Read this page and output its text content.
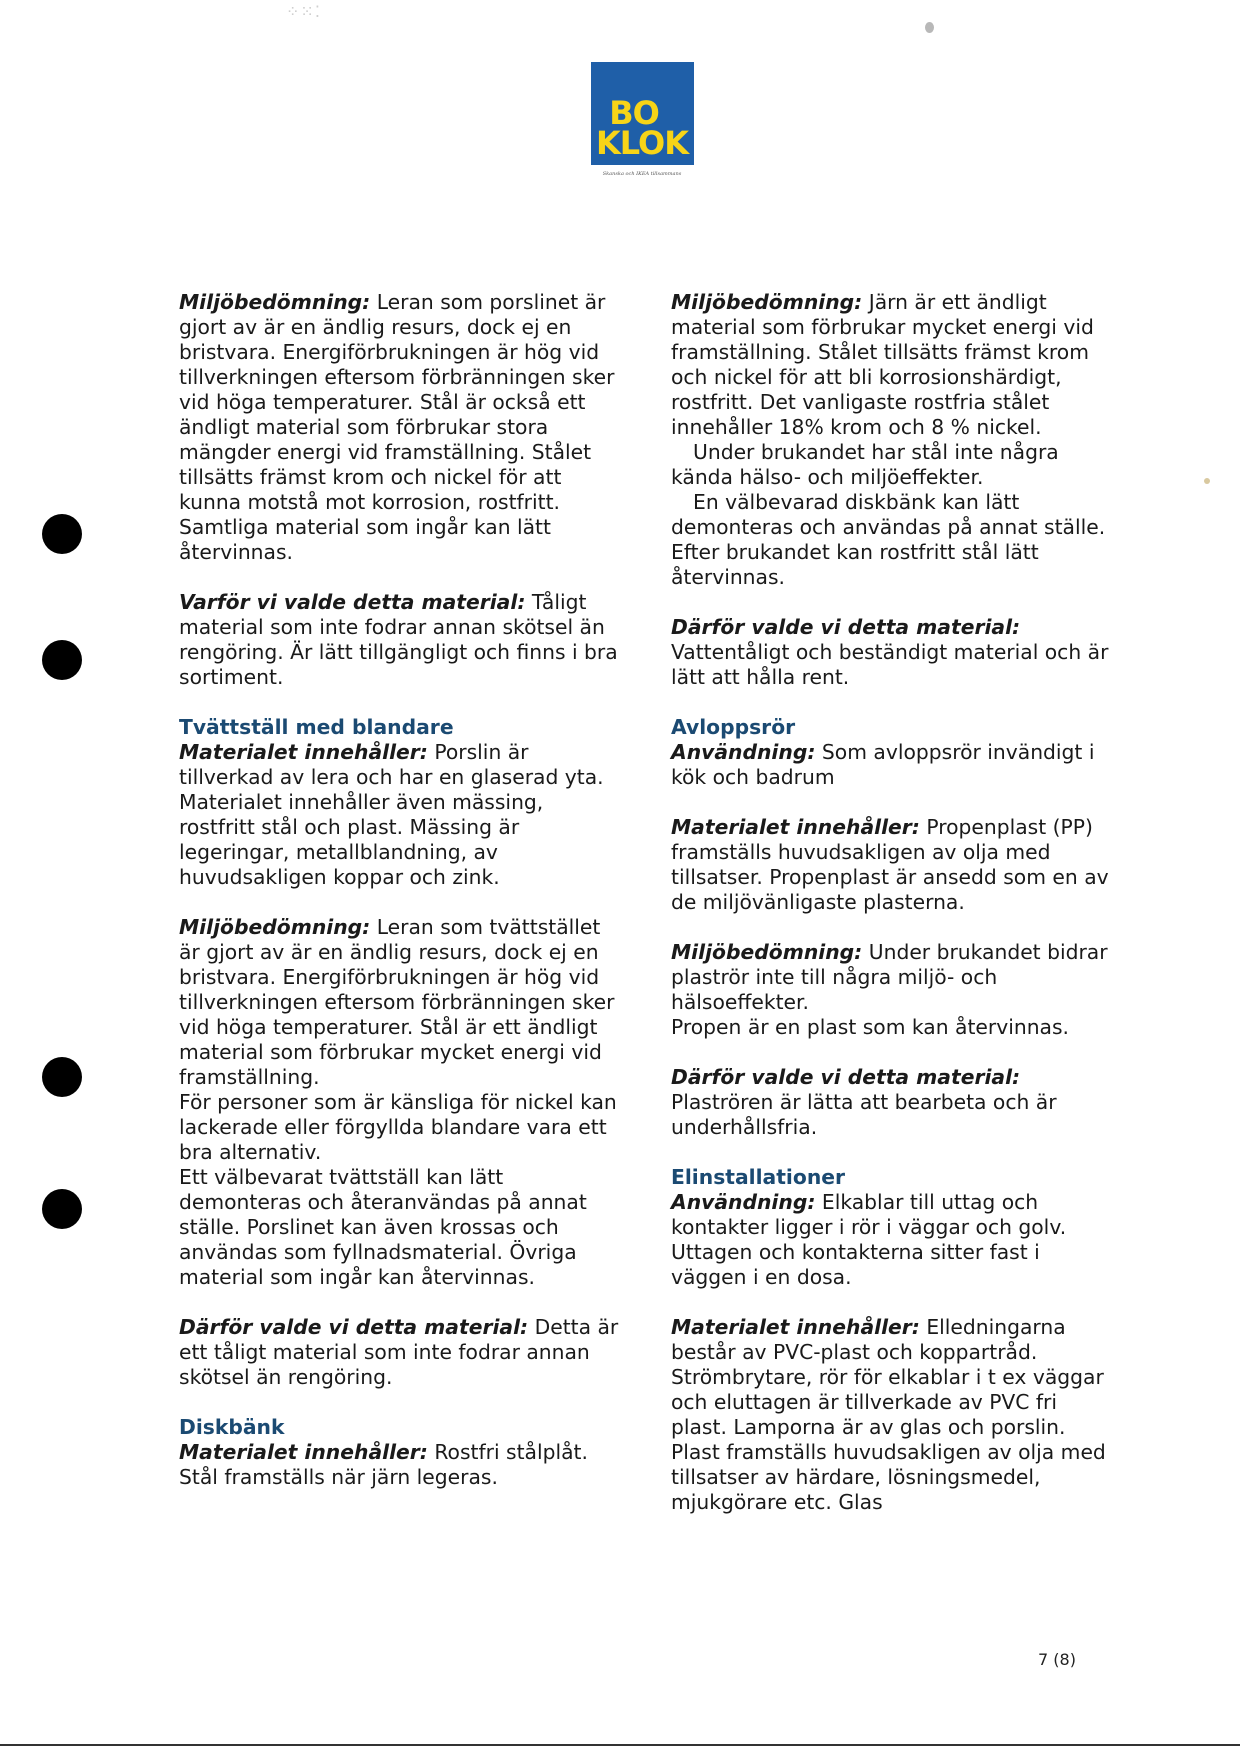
⁘⁙⁚
BO
KLOK
Skanska och IKEA tillsammans

Miljöbedömning: Leran som porslinet är gjort av är en ändlig resurs, dock ej en bristvara. Energiförbrukningen är hög vid tillverkningen eftersom förbränningen sker vid höga temperaturer. Stål är också ett ändligt material som förbrukar stora mängder energi vid framställning. Stålet tillsätts främst krom och nickel för att kunna motstå mot korrosion, rostfritt. Samtliga material som ingår kan lätt återvinnas.

Varför vi valde detta material: Tåligt material som inte fodrar annan skötsel än rengöring. Är lätt tillgängligt och finns i bra sortiment.

Tvättställ med blandare

Materialet innehåller: Porslin är tillverkad av lera och har en glaserad yta. Materialet innehåller även mässing, rostfritt stål och plast. Mässing är legeringar, metallblandning, av huvudsakligen koppar och zink.

Miljöbedömning: Leran som tvättstället är gjort av är en ändlig resurs, dock ej en bristvara. Energiförbrukningen är hög vid tillverkningen eftersom förbränningen sker vid höga temperaturer. Stål är ett ändligt material som förbrukar mycket energi vid framställning.

För personer som är känsliga för nickel kan lackerade eller förgyllda blandare vara ett bra alternativ.

Ett välbevarat tvättställ kan lätt demonteras och återanvändas på annat ställe. Porslinet kan även krossas och användas som fyllnadsmaterial. Övriga material som ingår kan återvinnas.

Därför valde vi detta material: Detta är ett tåligt material som inte fodrar annan skötsel än rengöring.

Diskbänk

Materialet innehåller: Rostfri stålplåt. Stål framställs när järn legeras.

Miljöbedömning: Järn är ett ändligt material som förbrukar mycket energi vid framställning. Stålet tillsätts främst krom och nickel för att bli korrosionshärdigt, rostfritt. Det vanligaste rostfria stålet innehåller 18% krom och 8 % nickel.

Under brukandet har stål inte några kända hälso- och miljöeffekter.

En välbevarad diskbänk kan lätt demonteras och användas på annat ställe. Efter brukandet kan rostfritt stål lätt återvinnas.

Därför valde vi detta material:
Vattentåligt och beständigt material och är lätt att hålla rent.

Avloppsrör

Användning: Som avloppsrör invändigt i kök och badrum

Materialet innehåller: Propenplast (PP) framställs huvudsakligen av olja med tillsatser. Propenplast är ansedd som en av de miljövänligaste plasterna.

Miljöbedömning: Under brukandet bidrar plaströr inte till några miljö- och hälsoeffekter.

Propen är en plast som kan återvinnas.

Därför valde vi detta material:
Plaströren är lätta att bearbeta och är underhållsfria.

Elinstallationer

Användning: Elkablar till uttag och kontakter ligger i rör i väggar och golv. Uttagen och kontakterna sitter fast i väggen i en dosa.

Materialet innehåller: Elledningarna består av PVC-plast och koppartråd. Strömbrytare, rör för elkablar i t ex väggar och eluttagen är tillverkade av PVC fri plast. Lamporna är av glas och porslin. Plast framställs huvudsakligen av olja med tillsatser av härdare, lösningsmedel, mjukgörare etc. Glas

7 (8)
